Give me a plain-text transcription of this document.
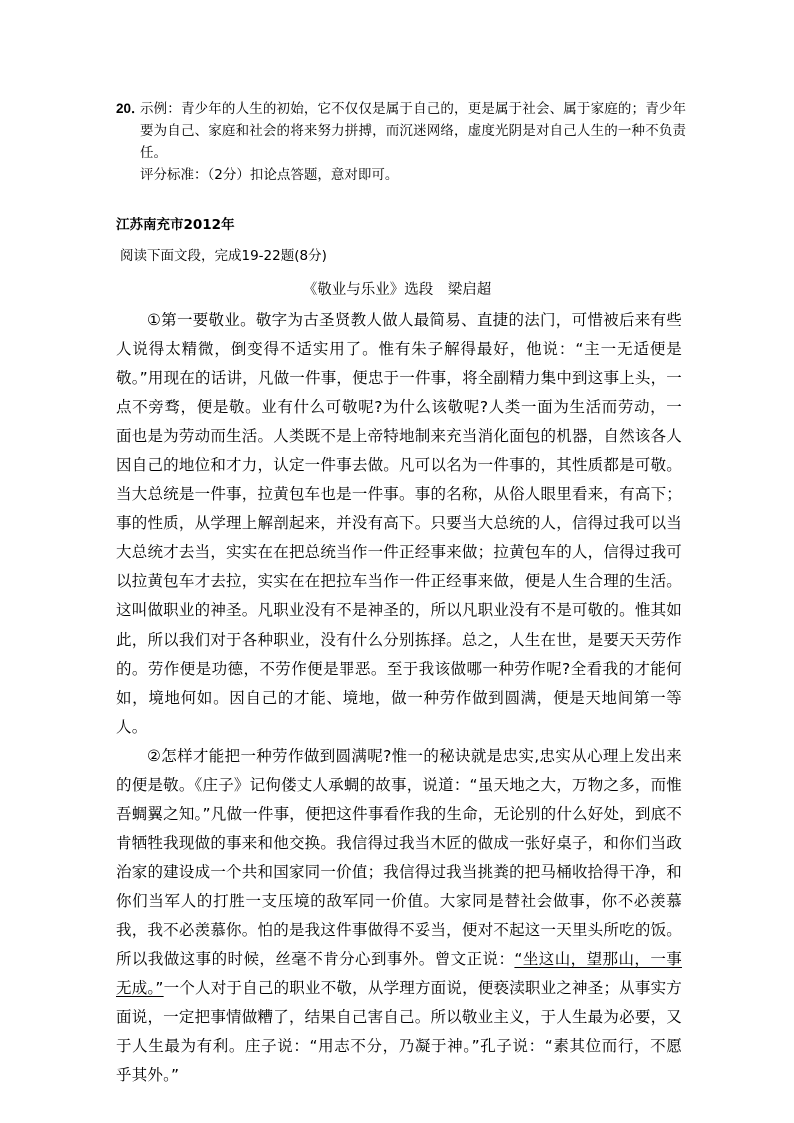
20．
示例：青少年的人生的初始，它不仅仅是属于自己的，更是属于社会、属于家庭的；青少年要为自己、家庭和社会的将来努力拼搏，而沉迷网络，虚度光阴是对自己人生的一种不负责任。
评分标准：（2分）扣论点答题，意对即可。
江苏南充市2012年
阅读下面文段，完成19-22题(8分)
《敬业与乐业》选段　梁启超

①第一要敬业。敬字为古圣贤教人做人最简易、直捷的法门，可惜被后来有些人说得太精微，倒变得不适实用了。惟有朱子解得最好，他说：“主一无适便是敬。”用现在的话讲，凡做一件事，便忠于一件事，将全副精力集中到这事上头，一点不旁骛，便是敬。业有什么可敬呢?为什么该敬呢?人类一面为生活而劳动，一面也是为劳动而生活。人类既不是上帝特地制来充当消化面包的机器，自然该各人因自己的地位和才力，认定一件事去做。凡可以名为一件事的，其性质都是可敬。当大总统是一件事，拉黄包车也是一件事。事的名称，从俗人眼里看来，有高下；事的性质，从学理上解剖起来，并没有高下。只要当大总统的人，信得过我可以当大总统才去当，实实在在把总统当作一件正经事来做；拉黄包车的人，信得过我可以拉黄包车才去拉，实实在在把拉车当作一件正经事来做，便是人生合理的生活。这叫做职业的神圣。凡职业没有不是神圣的，所以凡职业没有不是可敬的。惟其如此，所以我们对于各种职业，没有什么分别拣择。总之，人生在世，是要天天劳作的。劳作便是功德，不劳作便是罪恶。至于我该做哪一种劳作呢?全看我的才能何如，境地何如。因自己的才能、境地，做一种劳作做到圆满，便是天地间第一等人。

②怎样才能把一种劳作做到圆满呢?惟一的秘诀就是忠实,忠实从心理上发出来的便是敬。《庄子》记佝偻丈人承蜩的故事，说道：“虽天地之大，万物之多，而惟吾蜩翼之知。”凡做一件事，便把这件事看作我的生命，无论别的什么好处，到底不肯牺牲我现做的事来和他交换。我信得过我当木匠的做成一张好桌子，和你们当政治家的建设成一个共和国家同一价值；我信得过我当挑粪的把马桶收拾得干净，和你们当军人的打胜一支压境的敌军同一价值。大家同是替社会做事，你不必羡慕我，我不必羡慕你。怕的是我这件事做得不妥当，便对不起这一天里头所吃的饭。所以我做这事的时候，丝毫不肯分心到事外。曾文正说：“坐这山，望那山，一事无成。”一个人对于自己的职业不敬，从学理方面说，便亵渎职业之神圣；从事实方面说，一定把事情做糟了，结果自己害自己。所以敬业主义，于人生最为必要，又于人生最为有利。庄子说：“用志不分，乃凝于神。”孔子说：“素其位而行，不愿乎其外。”
